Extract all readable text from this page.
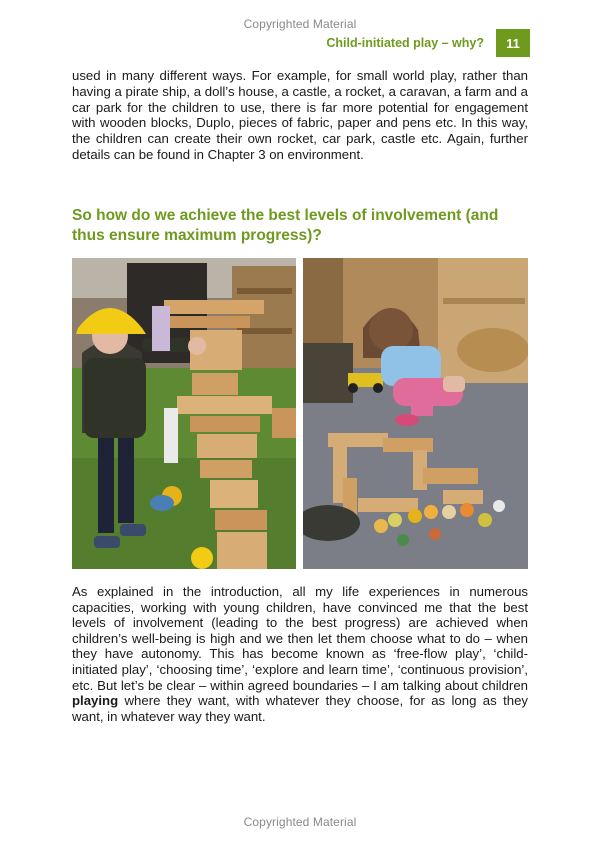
Copyrighted Material
Child-initiated play – why?	11

used in many different ways. For example, for small world play, rather than having a pirate ship, a doll’s house, a castle, a rocket, a caravan, a farm and a car park for the children to use, there is far more potential for engagement with wooden blocks, Duplo, pieces of fabric, paper and pens etc. In this way, the children can create their own rocket, car park, castle etc. Again, further details can be found in Chapter 3 on environment.

So how do we achieve the best levels of involvement (and thus ensure maximum progress)?

As explained in the introduction, all my life experiences in numerous capacities, working with young children, have convinced me that the best levels of involvement (leading to the best progress) are achieved when children’s well-being is high and we then let them choose what to do – when they have autonomy. This has become known as ‘free-flow play’, ‘child-initiated play’, ‘choosing time’, ‘explore and learn time’, ‘continuous provision’, etc. But let’s be clear – within agreed boundaries – I am talking about children playing where they want, with whatever they choose, for as long as they want, in whatever way they want.

Copyrighted Material
